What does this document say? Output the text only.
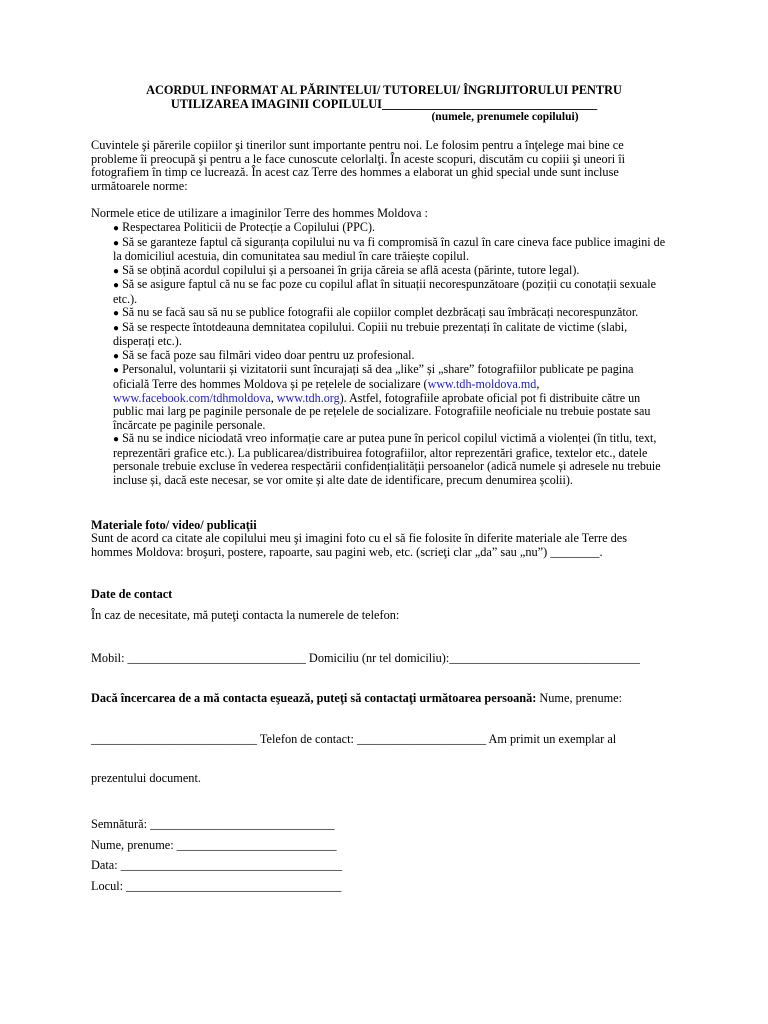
ACORDUL INFORMAT AL PĂRINTELUI/ TUTORELUI/ ÎNGRIJITORULUI PENTRU
UTILIZAREA IMAGINII COPILULUI___________________________________
(numele, prenumele copilului)

Cuvintele şi părerile copiilor şi tinerilor sunt importante pentru noi. Le folosim pentru a înţelege mai bine ce probleme îi preocupă şi pentru a le face cunoscute celorlalţi. În aceste scopuri, discutăm cu copiii şi uneori îi fotografiem în timp ce lucrează. În acest caz Terre des hommes a elaborat un ghid special unde sunt incluse următoarele norme:

Normele etice de utilizare a imaginilor Terre des hommes Moldova :

● Respectarea Politicii de Protecție a Copilului (PPC).
● Să se garanteze faptul că siguranța copilului nu va fi compromisă în cazul în care cineva face publice imagini de la domiciliul acestuia, din comunitatea sau mediul în care trăiește copilul.
● Să se obțină acordul copilului și a persoanei în grija căreia se află acesta (părinte, tutore legal).
● Să se asigure faptul că nu se fac poze cu copilul aflat în situații necorespunzătoare (poziții cu conotații sexuale etc.).
● Să nu se facă sau să nu se publice fotografii ale copiilor complet dezbrăcați sau îmbrăcați necorespunzător.
● Să se respecte întotdeauna demnitatea copilului. Copiii nu trebuie prezentați în calitate de victime (slabi, disperați etc.).
● Să se facă poze sau filmări video doar pentru uz profesional.
● Personalul, voluntarii și vizitatorii sunt încurajați să dea „like” și „share” fotografiilor publicate pe pagina oficială Terre des hommes Moldova și pe rețelele de socializare (www.tdh-moldova.md, www.facebook.com/tdhmoldova, www.tdh.org). Astfel, fotografiile aprobate oficial pot fi distribuite către un public mai larg pe paginile personale de pe rețelele de socializare. Fotografiile neoficiale nu trebuie postate sau încărcate pe paginile personale.
● Să nu se indice niciodată vreo informație care ar putea pune în pericol copilul victimă a violenței (în titlu, text, reprezentări grafice etc.). La publicarea/distribuirea fotografiilor, altor reprezentări grafice, textelor etc., datele personale trebuie excluse în vederea respectării confidențialității persoanelor (adică numele și adresele nu trebuie incluse și, dacă este necesar, se vor omite și alte date de identificare, precum denumirea școlii).

Materiale foto/ video/ publicaţii

Sunt de acord ca citate ale copilului meu şi imagini foto cu el să fie folosite în diferite materiale ale Terre des hommes Moldova: broşuri, postere, rapoarte, sau pagini web, etc. (scrieţi clar „da” sau „nu”) ________.

Date de contact

În caz de necesitate, mă puteţi contacta la numerele de telefon:

Mobil: _____________________________ Domiciliu (nr tel domiciliu):_______________________________
Dacă încercarea de a mă contacta eşuează, puteţi să contactaţi următoarea persoană: Nume, prenume:
___________________________ Telefon de contact: _____________________ Am primit un exemplar al
prezentului document.
Semnătură: ______________________________
Nume, prenume: __________________________
Data: ____________________________________
Locul: ___________________________________
